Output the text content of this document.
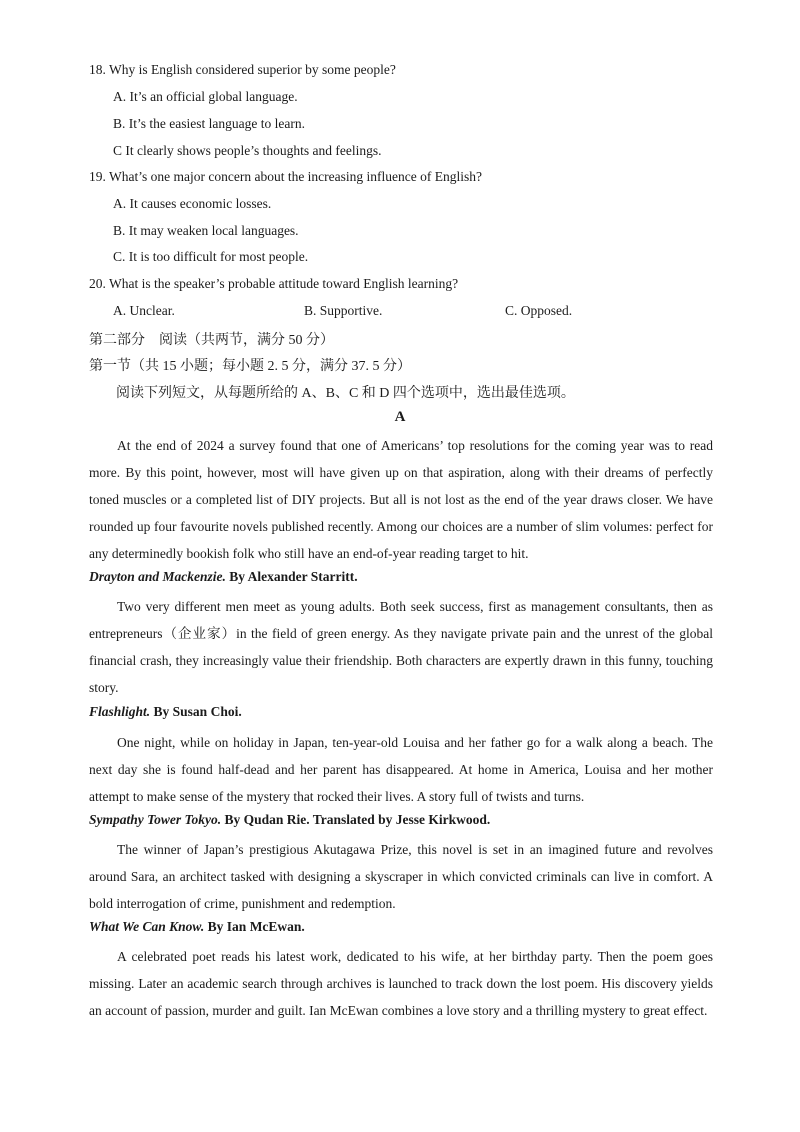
18. Why is English considered superior by some people?
A. It’s an official global language.
B. It’s the easiest language to learn.
C It clearly shows people’s thoughts and feelings.
19. What’s one major concern about the increasing influence of English?
A. It causes economic losses.
B. It may weaken local languages.
C. It is too difficult for most people.
20. What is the speaker’s probable attitude toward English learning?
A. Unclear.	B. Supportive.	C. Opposed.
第二部分　阅读（共两节，满分 50 分）
第一节（共 15 小题；每小题 2. 5 分，满分 37. 5 分）
阅读下列短文，从每题所给的 A、B、C 和 D 四个选项中，选出最佳选项。
A
At the end of 2024 a survey found that one of Americans’ top resolutions for the coming year was to read more. By this point, however, most will have given up on that aspiration, along with their dreams of perfectly toned muscles or a completed list of DIY projects. But all is not lost as the end of the year draws closer. We have rounded up four favourite novels published recently. Among our choices are a number of slim volumes: perfect for any determinedly bookish folk who still have an end-of-year reading target to hit.
Drayton and Mackenzie. By Alexander Starritt.
Two very different men meet as young adults. Both seek success, first as management consultants, then as entrepreneurs（企业家）in the field of green energy. As they navigate private pain and the unrest of the global financial crash, they increasingly value their friendship. Both characters are expertly drawn in this funny, touching story.
Flashlight. By Susan Choi.
One night, while on holiday in Japan, ten-year-old Louisa and her father go for a walk along a beach. The next day she is found half-dead and her parent has disappeared. At home in America, Louisa and her mother attempt to make sense of the mystery that rocked their lives. A story full of twists and turns.
Sympathy Tower Tokyo. By Qudan Rie. Translated by Jesse Kirkwood.
The winner of Japan’s prestigious Akutagawa Prize, this novel is set in an imagined future and revolves around Sara, an architect tasked with designing a skyscraper in which convicted criminals can live in comfort. A bold interrogation of crime, punishment and redemption.
What We Can Know. By Ian McEwan.
A celebrated poet reads his latest work, dedicated to his wife, at her birthday party. Then the poem goes missing. Later an academic search through archives is launched to track down the lost poem. His discovery yields an account of passion, murder and guilt. Ian McEwan combines a love story and a thrilling mystery to great effect.
